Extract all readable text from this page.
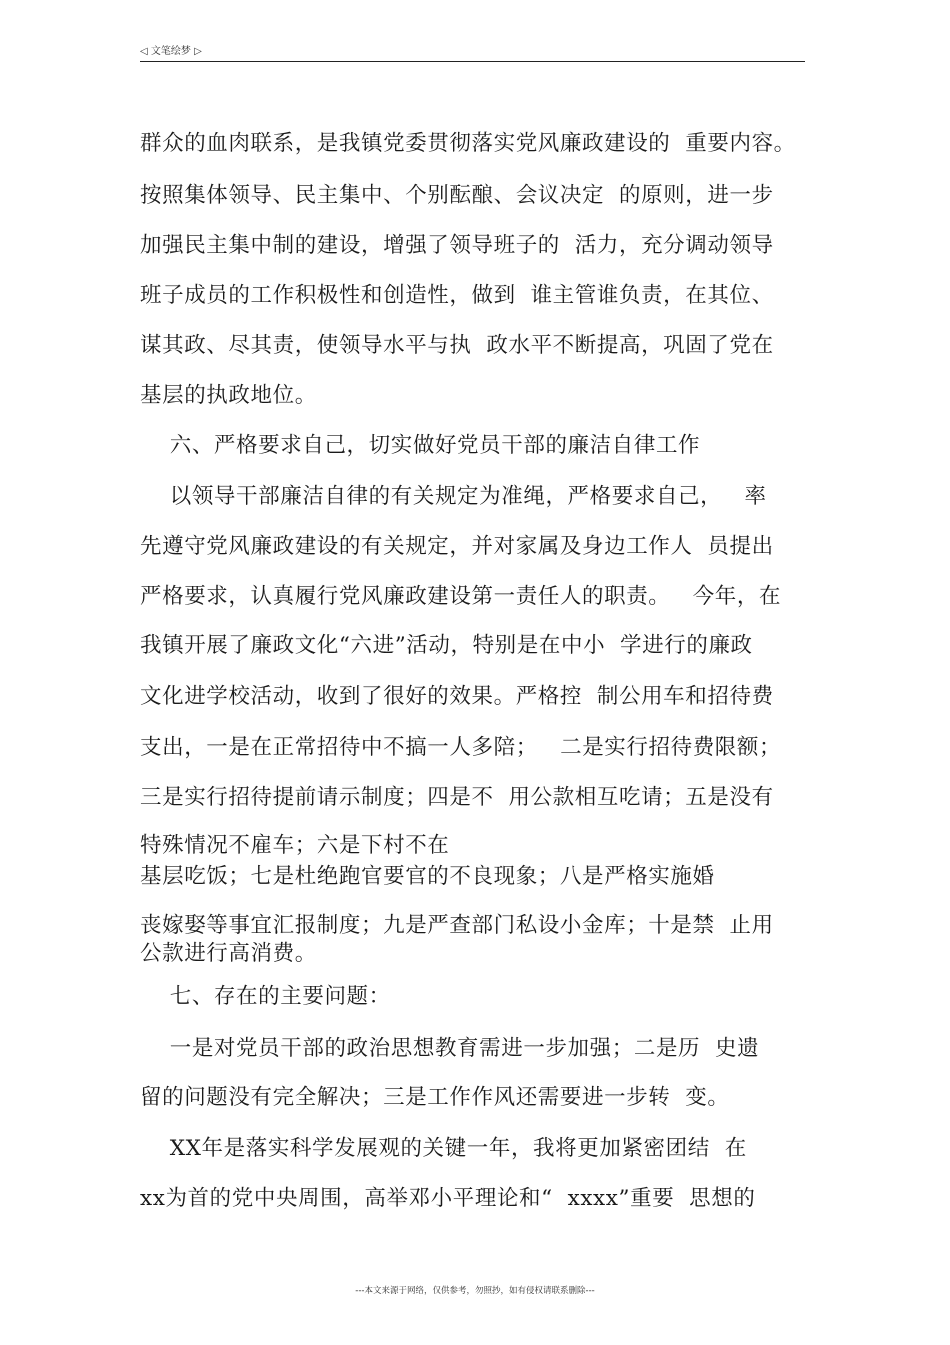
◁ 文笔绘梦 ▷
群众的血肉联系，是我镇党委贯彻落实党风廉政建设的  重要内容。
按照集体领导、民主集中、个别酝酿、会议决定  的原则，进一步
加强民主集中制的建设，增强了领导班子的  活力，充分调动领导
班子成员的工作积极性和创造性，做到  谁主管谁负责，在其位、
谋其政、尽其责，使领导水平与执  政水平不断提高，巩固了党在
基层的执政地位。
六、严格要求自己，切实做好党员干部的廉洁自律工作
以领导干部廉洁自律的有关规定为准绳，严格要求自己，   率
先遵守党风廉政建设的有关规定，并对家属及身边工作人  员提出
严格要求，认真履行党风廉政建设第一责任人的职责。   今年，在
我镇开展了廉政文化“六进”活动，特别是在中小  学进行的廉政
文化进学校活动，收到了很好的效果。严格控  制公用车和招待费
支出，一是在正常招待中不搞一人多陪；   二是实行招待费限额；
三是实行招待提前请示制度；四是不  用公款相互吃请；五是没有
特殊情况不雇车；六是下村不在
基层吃饭；七是杜绝跑官要官的不良现象；八是严格实施婚
丧嫁娶等事宜汇报制度；九是严查部门私设小金库；十是禁  止用
公款进行高消费。
七、存在的主要问题：
一是对党员干部的政治思想教育需进一步加强；二是历  史遗
留的问题没有完全解决；三是工作作风还需要进一步转  变。
XX年是落实科学发展观的关键一年，我将更加紧密团结  在
xx为首的党中央周围，高举邓小平理论和“  xxxx”重要  思想的
---本文来源于网络，仅供参考，勿照抄，如有侵权请联系删除---
